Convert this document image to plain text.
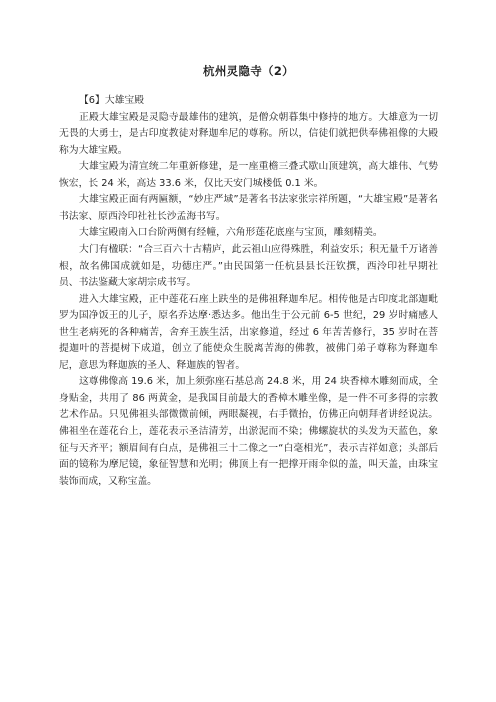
杭州灵隐寺（2）
【6】大雄宝殿

正殿大雄宝殿是灵隐寺最雄伟的建筑，是僧众朝暮集中修持的地方。大雄意为一切无畏的大勇士，是古印度教徒对释迦牟尼的尊称。所以，信徒们就把供奉佛祖像的大殿称为大雄宝殿。

大雄宝殿为清宣统二年重新修建，是一座重檐三叠式歇山顶建筑，高大雄伟、气势恢宏，长 24 米，高达 33.6 米，仅比天安门城楼低 0.1 米。

大雄宝殿正面有两匾额，“妙庄严域”是著名书法家张宗祥所题，“大雄宝殿”是著名书法家、原西泠印社社长沙孟海书写。

大雄宝殿南入口台阶两侧有经幢，六角形莲花底座与宝顶，雕刻精美。

大门有楹联：“合三百六十古精庐，此云祖山应得殊胜，利益安乐；积无量千万诸善根，故名佛国成就如是，功德庄严。”由民国第一任杭县县长汪钦撰，西泠印社早期社员、书法鉴藏大家胡宗成书写。

进入大雄宝殿，正中莲花石座上趺坐的是佛祖释迦牟尼。相传他是古印度北部迦毗罗为国净饭王的儿子，原名乔达摩·悉达多。他出生于公元前 6-5 世纪，29 岁时痛感人世生老病死的各种痛苦，舍弃王族生活，出家修道，经过 6 年苦苦修行，35 岁时在菩提迦叶的菩提树下成道，创立了能使众生脱离苦海的佛教，被佛门弟子尊称为释迦牟尼，意思为释迦族的圣人、释迦族的智者。

这尊佛像高 19.6 米，加上须弥座石基总高 24.8 米，用 24 块香樟木雕刻而成，全身贴金，共用了 86 两黄金，是我国目前最大的香樟木雕坐像，是一件不可多得的宗教艺术作品。只见佛祖头部微微前倾，两眼凝视，右手微抬，仿佛正向朝拜者讲经说法。佛祖坐在莲花台上，莲花表示圣洁清芳，出淤泥而不染；佛螺旋状的头发为天蓝色，象征与天齐平；额眉间有白点，是佛祖三十二像之一“白毫相光”，表示吉祥如意；头部后面的镜称为摩尼镜，象征智慧和光明；佛顶上有一把撑开雨伞似的盖，叫天盖，由珠宝装饰而成，又称宝盖。
